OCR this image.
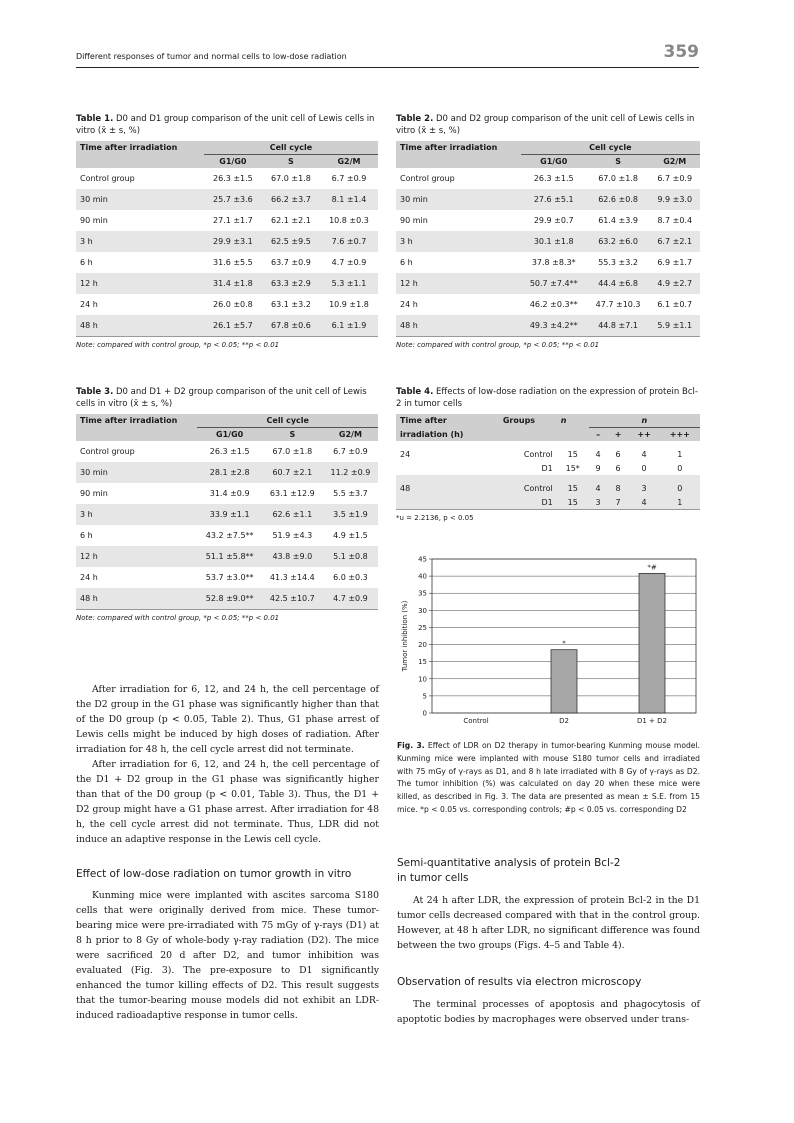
Different responses of tumor and normal cells to low-dose radiation	359
Table 1. D0 and D1 group comparison of the unit cell of Lewis cells in vitro (x̄ ± s, %)
Time after irradiation	Cell cycle		
	G1/G0	S	G2/M
Control group	26.3 ±1.5	67.0 ±1.8	6.7 ±0.9
30 min	25.7 ±3.6	66.2 ±3.7	8.1 ±1.4
90 min	27.1 ±1.7	62.1 ±2.1	10.8 ±0.3
3 h	29.9 ±3.1	62.5 ±9.5	7.6 ±0.7
6 h	31.6 ±5.5	63.7 ±0.9	4.7 ±0.9
12 h	31.4 ±1.8	63.3 ±2.9	5.3 ±1.1
24 h	26.0 ±0.8	63.1 ±3.2	10.9 ±1.8
48 h	26.1 ±5.7	67.8 ±0.6	6.1 ±1.9
Note: compared with control group, *p < 0.05; **p < 0.01
Table 2. D0 and D2 group comparison of the unit cell of Lewis cells in vitro (x̄ ± s, %)
Time after irradiation	Cell cycle		
	G1/G0	S	G2/M
Control group	26.3 ±1.5	67.0 ±1.8	6.7 ±0.9
30 min	27.6 ±5.1	62.6 ±0.8	9.9 ±3.0
90 min	29.9 ±0.7	61.4 ±3.9	8.7 ±0.4
3 h	30.1 ±1.8	63.2 ±6.0	6.7 ±2.1
6 h	37.8 ±8.3*	55.3 ±3.2	6.9 ±1.7
12 h	50.7 ±7.4**	44.4 ±6.8	4.9 ±2.7
24 h	46.2 ±0.3**	47.7 ±10.3	6.1 ±0.7
48 h	49.3 ±4.2**	44.8 ±7.1	5.9 ±1.1
Note: compared with control group, *p < 0.05; **p < 0.01
Table 3. D0 and D1 + D2 group comparison of the unit cell of Lewis cells in vitro (x̄ ± s, %)
Time after irradiation	Cell cycle		
	G1/G0	S	G2/M
Control group	26.3 ±1.5	67.0 ±1.8	6.7 ±0.9
30 min	28.1 ±2.8	60.7 ±2.1	11.2 ±0.9
90 min	31.4 ±0.9	63.1 ±12.9	5.5 ±3.7
3 h	33.9 ±1.1	62.6 ±1.1	3.5 ±1.9
6 h	43.2 ±7.5**	51.9 ±4.3	4.9 ±1.5
12 h	51.1 ±5.8**	43.8 ±9.0	5.1 ±0.8
24 h	53.7 ±3.0**	41.3 ±14.4	6.0 ±0.3
48 h	52.8 ±9.0**	42.5 ±10.7	4.7 ±0.9
Note: compared with control group, *p < 0.05; **p < 0.01
Table 4. Effects of low-dose radiation on the expression of protein Bcl-2 in tumor cells
Time after	Groups	n	n			
irradiation (h)			–	+	++	+++
24	Control	15	4	6	4	1
	D1	15*	9	6	0	0
48	Control	15	4	8	3	0
	D1	15	3	7	4	1
*u = 2.2136, p < 0.05
0
5
10
15
20
25
30
35
40
45
Control	D2
*
D1 + D2
*#
Tumor inhibition (%)
Fig. 3. Effect of LDR on D2 therapy in tumor-bearing Kunming mouse model. Kunming mice were implanted with mouse S180 tumor cells and irradiated with 75 mGy of γ-rays as D1, and 8 h late irradiated with 8 Gy of γ-rays as D2. The tumor inhibition (%) was calculated on day 20 when these mice were killed, as described in Fig. 3. The data are presented as mean ± S.E. from 15 mice. *p < 0.05 vs. corresponding controls; #p < 0.05 vs. corresponding D2

After irradiation for 6, 12, and 24 h, the cell percentage of the D2 group in the G1 phase was significantly higher than that of the D0 group (p < 0.05, Table 2). Thus, G1 phase arrest of Lewis cells might be induced by high doses of radiation. After irradiation for 48 h, the cell cycle arrest did not terminate.

After irradiation for 6, 12, and 24 h, the cell percentage of the D1 + D2 group in the G1 phase was significantly higher than that of the D0 group (p < 0.01, Table 3). Thus, the D1 + D2 group might have a G1 phase arrest. After irradiation for 48 h, the cell cycle arrest did not terminate. Thus, LDR did not induce an adaptive response in the Lewis cell cycle.

Effect of low-dose radiation on tumor growth in vitro

Kunming mice were implanted with ascites sarcoma S180 cells that were originally derived from mice. These tumor-bearing mice were pre-irradiated with 75 mGy of γ-rays (D1) at 8 h prior to 8 Gy of whole-body γ-ray radiation (D2). The mice were sacrificed 20 d after D2, and tumor inhibition was evaluated (Fig. 3). The pre-exposure to D1 significantly enhanced the tumor killing effects of D2. This result suggests that the tumor-bearing mouse models did not exhibit an LDR-induced radioadaptive response in tumor cells.

Semi-quantitative analysis of protein Bcl-2
in tumor cells

At 24 h after LDR, the expression of protein Bcl-2 in the D1 tumor cells decreased compared with that in the control group. However, at 48 h after LDR, no significant difference was found between the two groups (Figs. 4–5 and Table 4).

Observation of results via electron microscopy

The terminal processes of apoptosis and phagocytosis of apoptotic bodies by macrophages were observed under trans-
